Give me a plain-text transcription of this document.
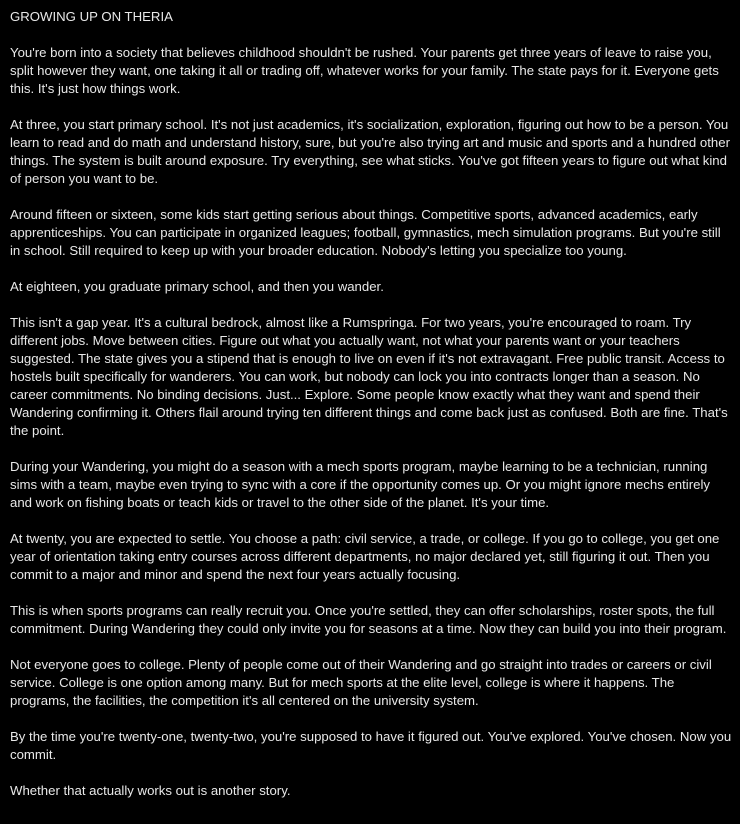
GROWING UP ON THERIA

You're born into a society that believes childhood shouldn't be rushed. Your parents get three years of leave to raise you, split however they want, one taking it all or trading off, whatever works for your family. The state pays for it. Everyone gets this. It's just how things work.

At three, you start primary school. It's not just academics, it's socialization, exploration, figuring out how to be a person. You learn to read and do math and understand history, sure, but you're also trying art and music and sports and a hundred other things. The system is built around exposure. Try everything, see what sticks. You've got fifteen years to figure out what kind of person you want to be.

Around fifteen or sixteen, some kids start getting serious about things. Competitive sports, advanced academics, early apprenticeships. You can participate in organized leagues; football, gymnastics, mech simulation programs. But you're still in school. Still required to keep up with your broader education. Nobody's letting you specialize too young.

At eighteen, you graduate primary school, and then you wander.

This isn't a gap year. It's a cultural bedrock, almost like a Rumspringa. For two years, you're encouraged to roam. Try different jobs. Move between cities. Figure out what you actually want, not what your parents want or your teachers suggested. The state gives you a stipend that is enough to live on even if it's not extravagant. Free public transit. Access to hostels built specifically for wanderers. You can work, but nobody can lock you into contracts longer than a season. No career commitments. No binding decisions. Just... Explore. Some people know exactly what they want and spend their Wandering confirming it. Others flail around trying ten different things and come back just as confused. Both are fine. That's the point.

During your Wandering, you might do a season with a mech sports program, maybe learning to be a technician, running sims with a team, maybe even trying to sync with a core if the opportunity comes up. Or you might ignore mechs entirely and work on fishing boats or teach kids or travel to the other side of the planet. It's your time.

At twenty, you are expected to settle. You choose a path: civil service, a trade, or college. If you go to college, you get one year of orientation taking entry courses across different departments, no major declared yet, still figuring it out. Then you commit to a major and minor and spend the next four years actually focusing.

This is when sports programs can really recruit you. Once you're settled, they can offer scholarships, roster spots, the full commitment. During Wandering they could only invite you for seasons at a time. Now they can build you into their program.

Not everyone goes to college. Plenty of people come out of their Wandering and go straight into trades or careers or civil service. College is one option among many. But for mech sports at the elite level, college is where it happens. The programs, the facilities, the competition it's all centered on the university system.

By the time you're twenty-one, twenty-two, you're supposed to have it figured out. You've explored. You've chosen. Now you commit.

Whether that actually works out is another story.
